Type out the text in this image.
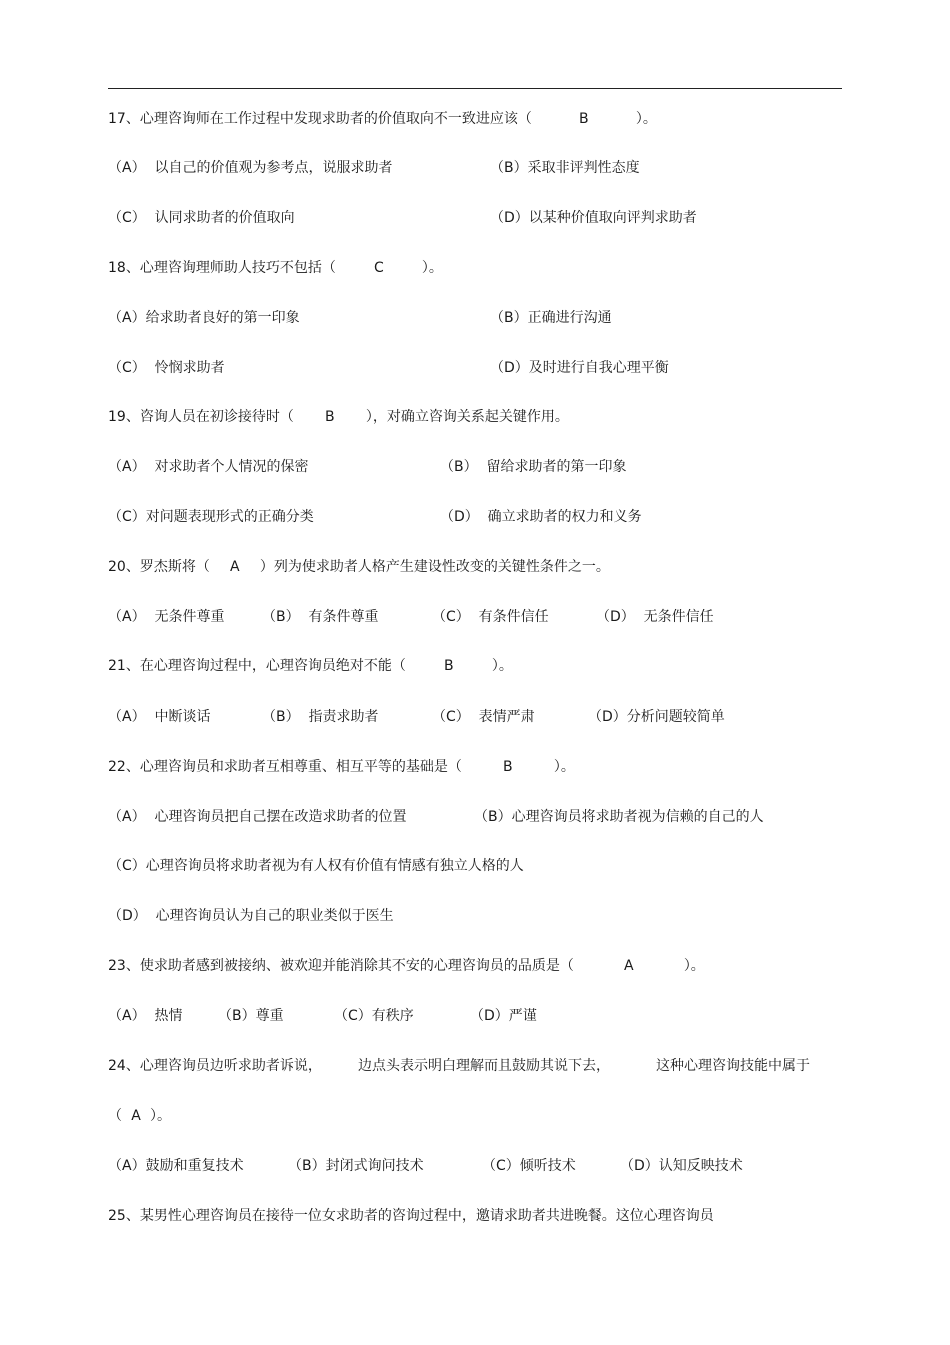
17、心理咨询师在工作过程中发现求助者的价值取向不一致进应该（	B	）。
（A）  以自己的价值观为参考点，说服求助者	（B）采取非评判性态度
（C）  认同求助者的价值取向	（D）以某种价值取向评判求助者
18、心理咨询理师助人技巧不包括（	C	）。
（A）给求助者良好的第一印象	（B）正确进行沟通
（C）  怜悯求助者	（D）及时进行自我心理平衡
19、咨询人员在初诊接待时（ B ），对确立咨询关系起关键作用。
（A）  对求助者个人情况的保密	（B）  留给求助者的第一印象
（C）对问题表现形式的正确分类	（D）  确立求助者的权力和义务
20、罗杰斯将（ A ）列为使求助者人格产生建设性改变的关键性条件之一。
（A）  无条件尊重	（B）  有条件尊重	（C）  有条件信任	（D）  无条件信任
21、在心理咨询过程中，心理咨询员绝对不能（	B	）。
（A）  中断谈话	（B）  指责求助者	（C）  表情严肃	（D）分析问题较简单
22、心理咨询员和求助者互相尊重、相互平等的基础是（	B	）。
（A）  心理咨询员把自己摆在改造求助者的位置	（B）心理咨询员将求助者视为信赖的自己的人
（C）心理咨询员将求助者视为有人权有价值有情感有独立人格的人
（D）  心理咨询员认为自己的职业类似于医生
23、使求助者感到被接纳、被欢迎并能消除其不安的心理咨询员的品质是（	A	）。
（A）  热情	（B）尊重	（C）有秩序	（D）严谨
24、心理咨询员边听求助者诉说，	边点头表示明白理解而且鼓励其说下去，	这种心理咨询技能中属于
（ A ）。
（A）鼓励和重复技术	（B）封闭式询问技术	（C）倾听技术	（D）认知反映技术
25、某男性心理咨询员在接待一位女求助者的咨询过程中，邀请求助者共进晚餐。这位心理咨询员
